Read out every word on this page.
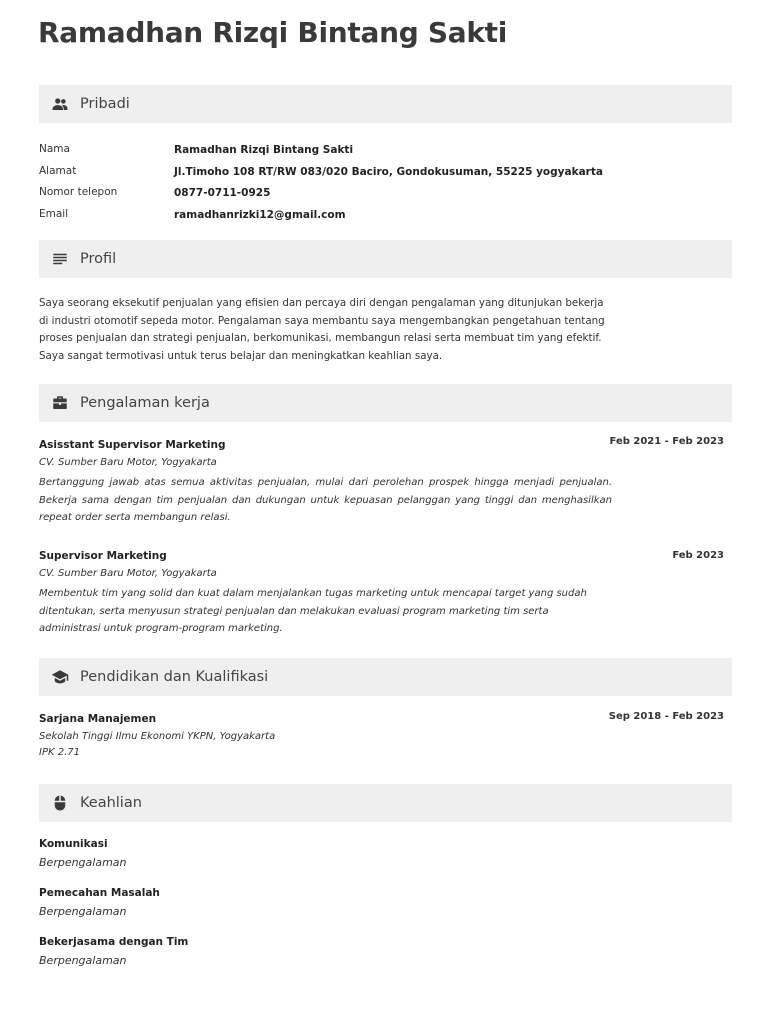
Ramadhan Rizqi Bintang Sakti
Pribadi
Nama	Ramadhan Rizqi Bintang Sakti
Alamat	Jl.Timoho 108 RT/RW 083/020 Baciro, Gondokusuman, 55225 yogyakarta
Nomor telepon	0877-0711-0925
Email	ramadhanrizki12@gmail.com
Profil

Saya seorang eksekutif penjualan yang efisien dan percaya diri dengan pengalaman yang ditunjukan bekerja di industri otomotif sepeda motor. Pengalaman saya membantu saya mengembangkan pengetahuan tentang proses penjualan dan strategi penjualan, berkomunikasi, membangun relasi serta membuat tim yang efektif. Saya sangat termotivasi untuk terus belajar dan meningkatkan keahlian saya.

Pengalaman kerja
Asisstant Supervisor Marketing	Feb 2021 - Feb 2023
CV. Sumber Baru Motor, Yogyakarta
Bertanggung jawab atas semua aktivitas penjualan, mulai dari perolehan prospek hingga menjadi penjualan. Bekerja sama dengan tim penjualan dan dukungan untuk kepuasan pelanggan yang tinggi dan menghasilkan repeat order serta membangun relasi.
Supervisor Marketing	Feb 2023
CV. Sumber Baru Motor, Yogyakarta
Membentuk tim yang solid dan kuat dalam menjalankan tugas marketing untuk mencapai target yang sudah ditentukan, serta menyusun strategi penjualan dan melakukan evaluasi program marketing tim serta administrasi untuk program-program marketing.
Pendidikan dan Kualifikasi
Sarjana Manajemen	Sep 2018 - Feb 2023
Sekolah Tinggi Ilmu Ekonomi YKPN, Yogyakarta
IPK 2.71
Keahlian
Komunikasi
Berpengalaman
Pemecahan Masalah
Berpengalaman
Bekerjasama dengan Tim
Berpengalaman
